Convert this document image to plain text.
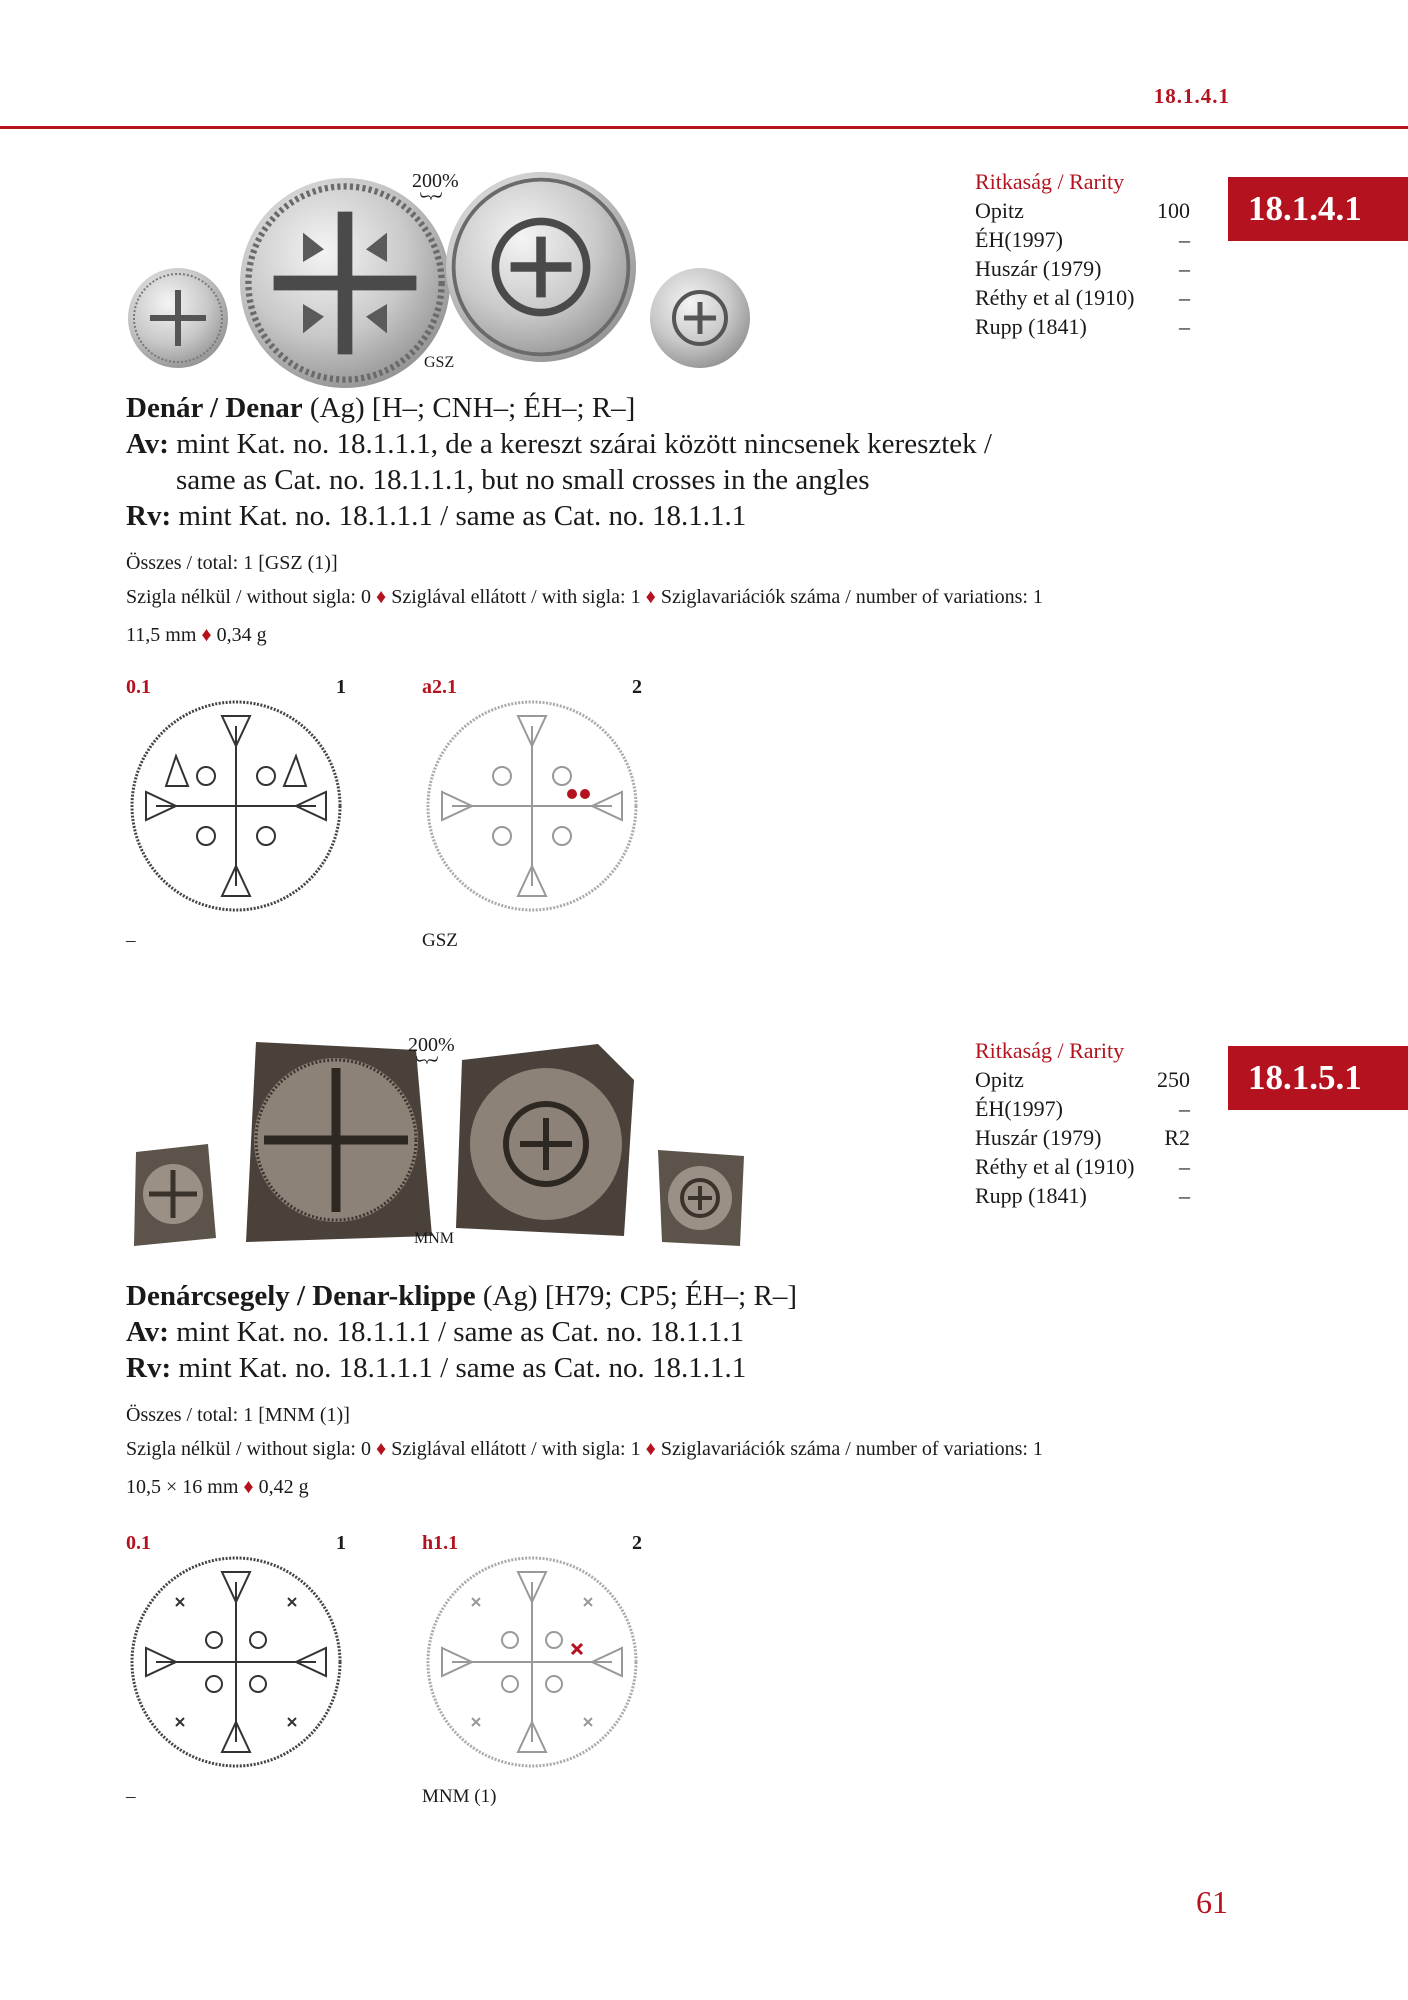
18.1.4.1
200%
︸
GSZ
Ritkaság / Rarity
Opitz	100
ÉH(1997)	–
Huszár (1979)	–
Réthy et al (1910) –
Rupp (1841)	–
18.1.4.1
Denár / Denar (Ag) [H–; CNH–; ÉH–; R–]
Av: mint Kat. no. 18.1.1.1, de a kereszt szárai között nincsenek keresztek /
same as Cat. no. 18.1.1.1, but no small crosses in the angles
Rv: mint Kat. no. 18.1.1.1 / same as Cat. no. 18.1.1.1
Összes / total: 1 [GSZ (1)]
Szigla nélkül / without sigla: 0 ♦ Sziglával ellátott / with sigla: 1 ♦ Sziglavariációk száma / number of variations: 1
11,5 mm ♦ 0,34 g
0.1	1
–
a2.1	2
GSZ
200%
︸
MNM
Ritkaság / Rarity
Opitz	250
ÉH(1997)	–
Huszár (1979)	R2
Réthy et al (1910) –
Rupp (1841)	–
18.1.5.1
Denárcsegely / Denar-klippe (Ag) [H79; CP5; ÉH–; R–]
Av: mint Kat. no. 18.1.1.1 / same as Cat. no. 18.1.1.1
Rv: mint Kat. no. 18.1.1.1 / same as Cat. no. 18.1.1.1
Összes / total: 1 [MNM (1)]
Szigla nélkül / without sigla: 0 ♦ Sziglával ellátott / with sigla: 1 ♦ Sziglavariációk száma / number of variations: 1
10,5 × 16 mm ♦ 0,42 g
0.1	1
–
h1.1	2
MNM (1)
61
